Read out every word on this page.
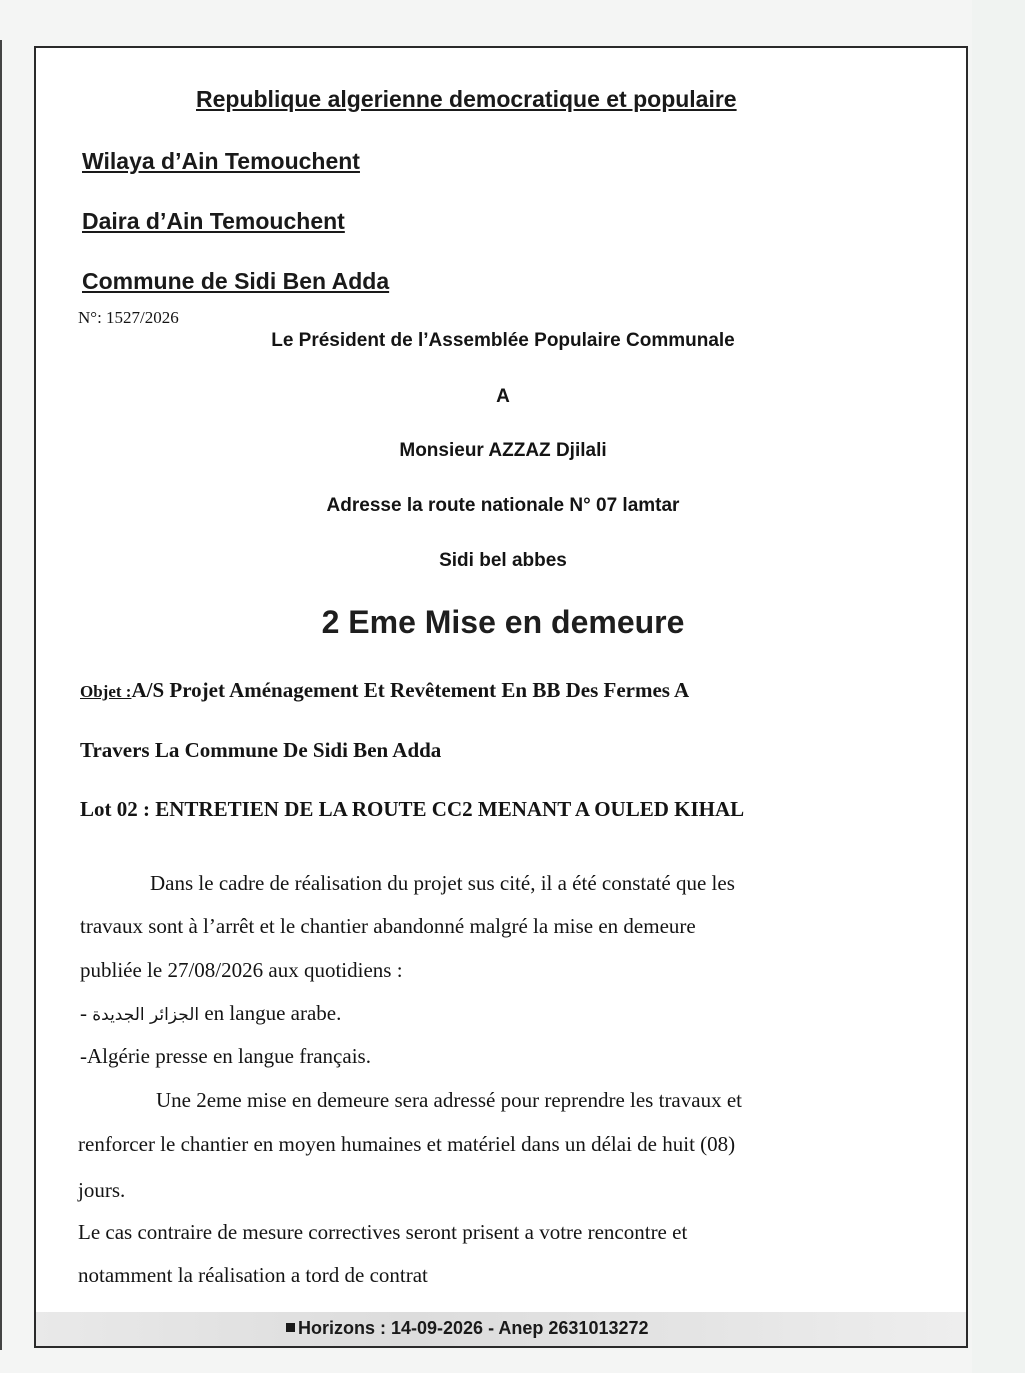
Republique algerienne democratique et populaire
Wilaya d’Ain Temouchent
Daira d’Ain Temouchent
Commune de Sidi Ben Adda
N°: 1527/2026
Le Président de l’Assemblée Populaire Communale
A
Monsieur AZZAZ Djilali
Adresse la route nationale N° 07 lamtar
Sidi bel abbes
2 Eme Mise en demeure
Objet :A/S Projet Aménagement Et Revêtement En BB Des Fermes A
Travers La Commune De Sidi Ben Adda
Lot 02 : ENTRETIEN DE LA ROUTE CC2 MENANT A OULED KIHAL
Dans le cadre de réalisation du projet sus cité, il a été constaté que les
travaux sont à l’arrêt et le chantier abandonné malgré la mise en demeure
publiée le 27/08/2026 aux quotidiens :
- الجزائر الجديدة en langue arabe.
-Algérie presse en langue français.
Une 2eme mise en demeure sera adressé pour reprendre les travaux et
renforcer le chantier en moyen humaines et matériel dans un délai de huit (08)
jours.
Le cas contraire de mesure correctives seront prisent a votre rencontre et
notamment la réalisation a tord de contrat
Horizons : 14-09-2026 - Anep 2631013272
